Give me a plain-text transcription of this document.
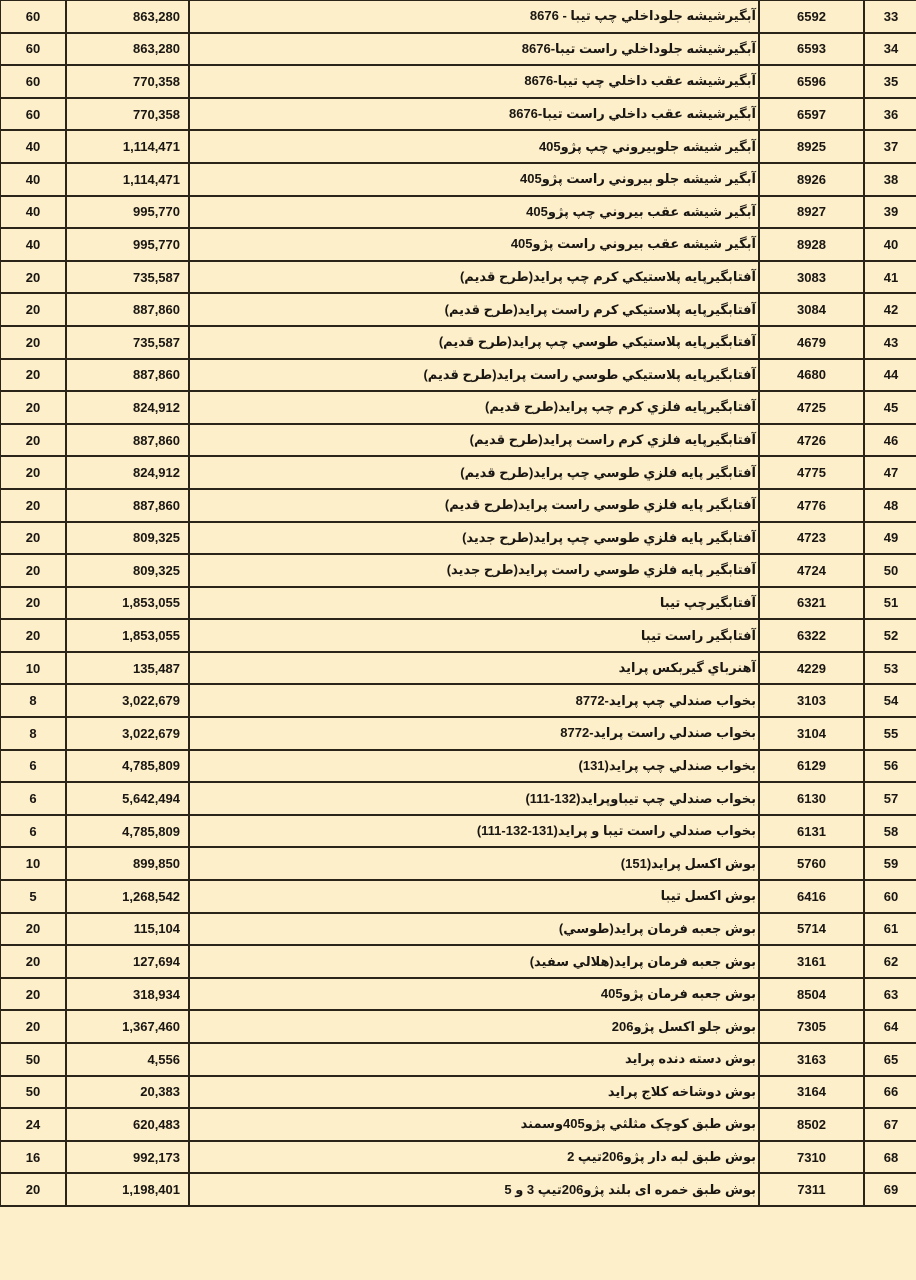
60	863,280	آبگیرشیشه جلوداخلي چپ تيبا - 8676	6592	33
60	863,280	آبگیرشیشه جلوداخلي راست تيبا-8676	6593	34
60	770,358	آبگیرشیشه عقب داخلي چپ تيبا-8676	6596	35
60	770,358	آبگیرشیشه عقب داخلي راست تيبا-8676	6597	36
40	1,114,471	آبگیر شیشه جلوبيروني چپ پژو405	8925	37
40	1,114,471	آبگیر شیشه جلو بيروني راست پژو405	8926	38
40	995,770	آبگیر شیشه عقب بيروني چپ پژو405	8927	39
40	995,770	آبگیر شیشه عقب بيروني راست پژو405	8928	40
20	735,587	آفتابگیرپایه پلاستيكي كرم چپ پرايد(طرح قديم)	3083	41
20	887,860	آفتابگیرپایه پلاستيكي كرم راست پرايد(طرح قديم)	3084	42
20	735,587	آفتابگیرپایه پلاستيكي طوسي چپ پرايد(طرح قديم)	4679	43
20	887,860	آفتابگیرپایه پلاستيكي طوسي راست پرايد(طرح قديم)	4680	44
20	824,912	آفتابگیرپایه فلزي كرم چپ پرايد(طرح قديم)	4725	45
20	887,860	آفتابگیرپایه فلزي كرم راست پرايد(طرح قديم)	4726	46
20	824,912	آفتابگیر پایه فلزي طوسي چپ پرايد(طرح قديم)	4775	47
20	887,860	آفتابگیر پایه فلزي طوسي راست پرايد(طرح قديم)	4776	48
20	809,325	آفتابگیر پایه فلزي طوسي چپ پرايد(طرح جديد)	4723	49
20	809,325	آفتابگیر پایه فلزي طوسي راست پرايد(طرح جديد)	4724	50
20	1,853,055	آفتابگیرچپ تيبا	6321	51
20	1,853,055	آفتابگیر راست تيبا	6322	52
10	135,487	آهنرباي گيربكس پرايد	4229	53
8	3,022,679	بخواب صندلي چپ پرايد-8772	3103	54
8	3,022,679	بخواب صندلي راست پرايد-8772	3104	55
6	4,785,809	بخواب صندلي چپ پرايد(131)	6129	56
6	5,642,494	بخواب صندلي چپ تيباوپرايد(132-111)	6130	57
6	4,785,809	بخواب صندلي راست تيبا و پرايد(131-132-111)	6131	58
10	899,850	بوش اكسل پرايد(151)	5760	59
5	1,268,542	بوش اكسل تيبا	6416	60
20	115,104	بوش جعبه فرمان پرايد(طوسي)	5714	61
20	127,694	بوش جعبه فرمان پرايد(هلالي سفيد)	3161	62
20	318,934	بوش جعبه فرمان پژو405	8504	63
20	1,367,460	بوش جلو اكسل پژو206	7305	64
50	4,556	بوش دسته دنده پرايد	3163	65
50	20,383	بوش دوشاخه كلاج پرايد	3164	66
24	620,483	بوش طبق كوچک مثلثي پژو405وسمند	8502	67
16	992,173	بوش طبق لبه دار پژو206تيپ 2	7310	68
20	1,198,401	بوش طبق خمره اى بلند پژو206تيپ 3 و 5	7311	69
